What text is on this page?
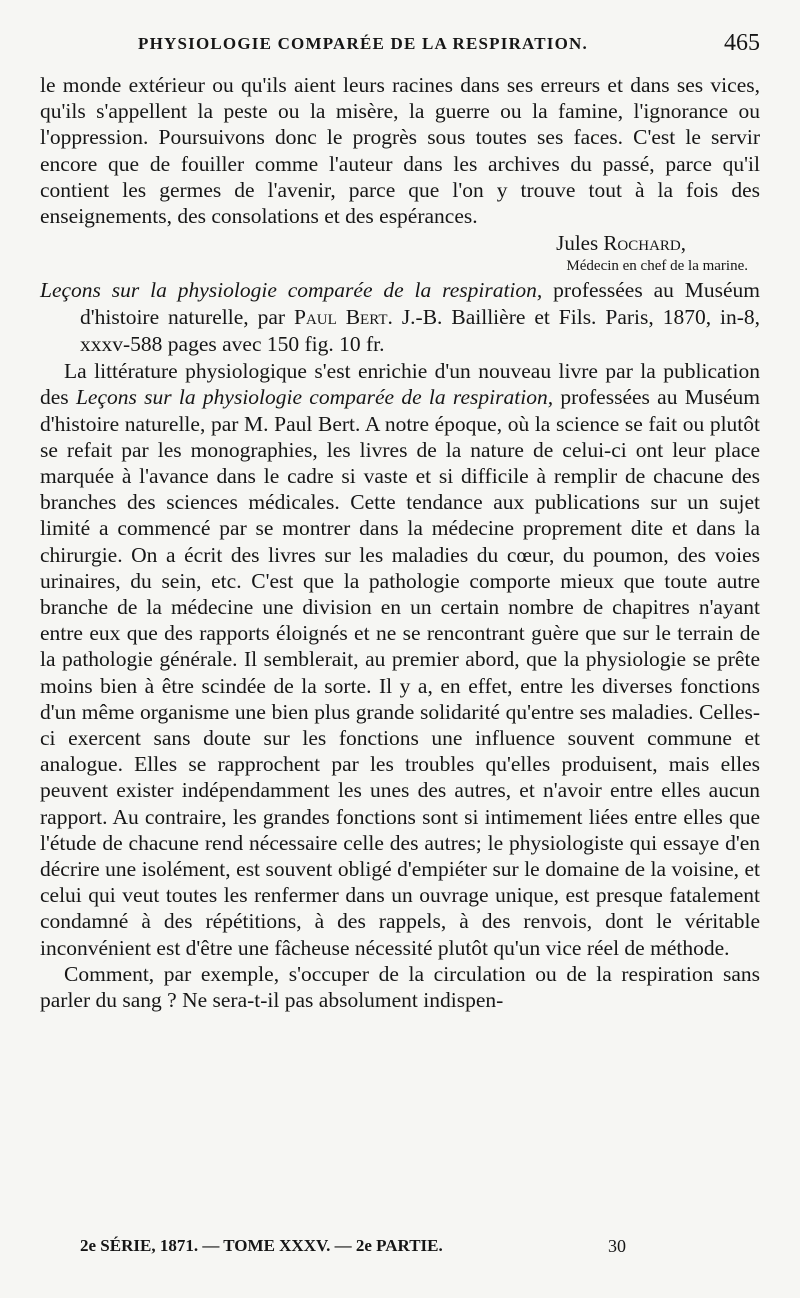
PHYSIOLOGIE COMPARÉE DE LA RESPIRATION.	465

le monde extérieur ou qu'ils aient leurs racines dans ses erreurs et dans ses vices, qu'ils s'appellent la peste ou la misère, la guerre ou la famine, l'ignorance ou l'oppression. Poursuivons donc le progrès sous toutes ses faces. C'est le servir encore que de fouiller comme l'auteur dans les archives du passé, parce qu'il contient les germes de l'avenir, parce que l'on y trouve tout à la fois des enseignements, des consolations et des espérances.

Jules Rochard,
Médecin en chef de la marine.

Leçons sur la physiologie comparée de la respiration, professées au Muséum d'histoire naturelle, par Paul Bert. J.-B. Baillière et Fils. Paris, 1870, in-8, xxxv-588 pages avec 150 fig. 10 fr.

La littérature physiologique s'est enrichie d'un nouveau livre par la publication des Leçons sur la physiologie comparée de la respiration, professées au Muséum d'histoire naturelle, par M. Paul Bert. A notre époque, où la science se fait ou plutôt se refait par les monographies, les livres de la nature de celui-ci ont leur place marquée à l'avance dans le cadre si vaste et si difficile à remplir de chacune des branches des sciences médicales. Cette tendance aux publications sur un sujet limité a commencé par se montrer dans la médecine proprement dite et dans la chirurgie. On a écrit des livres sur les maladies du cœur, du poumon, des voies urinaires, du sein, etc. C'est que la pathologie comporte mieux que toute autre branche de la médecine une division en un certain nombre de chapitres n'ayant entre eux que des rapports éloignés et ne se rencontrant guère que sur le terrain de la pathologie générale. Il semblerait, au premier abord, que la physiologie se prête moins bien à être scindée de la sorte. Il y a, en effet, entre les diverses fonctions d'un même organisme une bien plus grande solidarité qu'entre ses maladies. Celles-ci exercent sans doute sur les fonctions une influence souvent commune et analogue. Elles se rapprochent par les troubles qu'elles produisent, mais elles peuvent exister indépendamment les unes des autres, et n'avoir entre elles aucun rapport. Au contraire, les grandes fonctions sont si intimement liées entre elles que l'étude de chacune rend nécessaire celle des autres; le physiologiste qui essaye d'en décrire une isolément, est souvent obligé d'empiéter sur le domaine de la voisine, et celui qui veut toutes les renfermer dans un ouvrage unique, est presque fatalement condamné à des répétitions, à des rappels, à des renvois, dont le véritable inconvénient est d'être une fâcheuse nécessité plutôt qu'un vice réel de méthode.

Comment, par exemple, s'occuper de la circulation ou de la respiration sans parler du sang ? Ne sera-t-il pas absolument indispen-

2e SÉRIE, 1871. — TOME XXXV. — 2e PARTIE.	30
